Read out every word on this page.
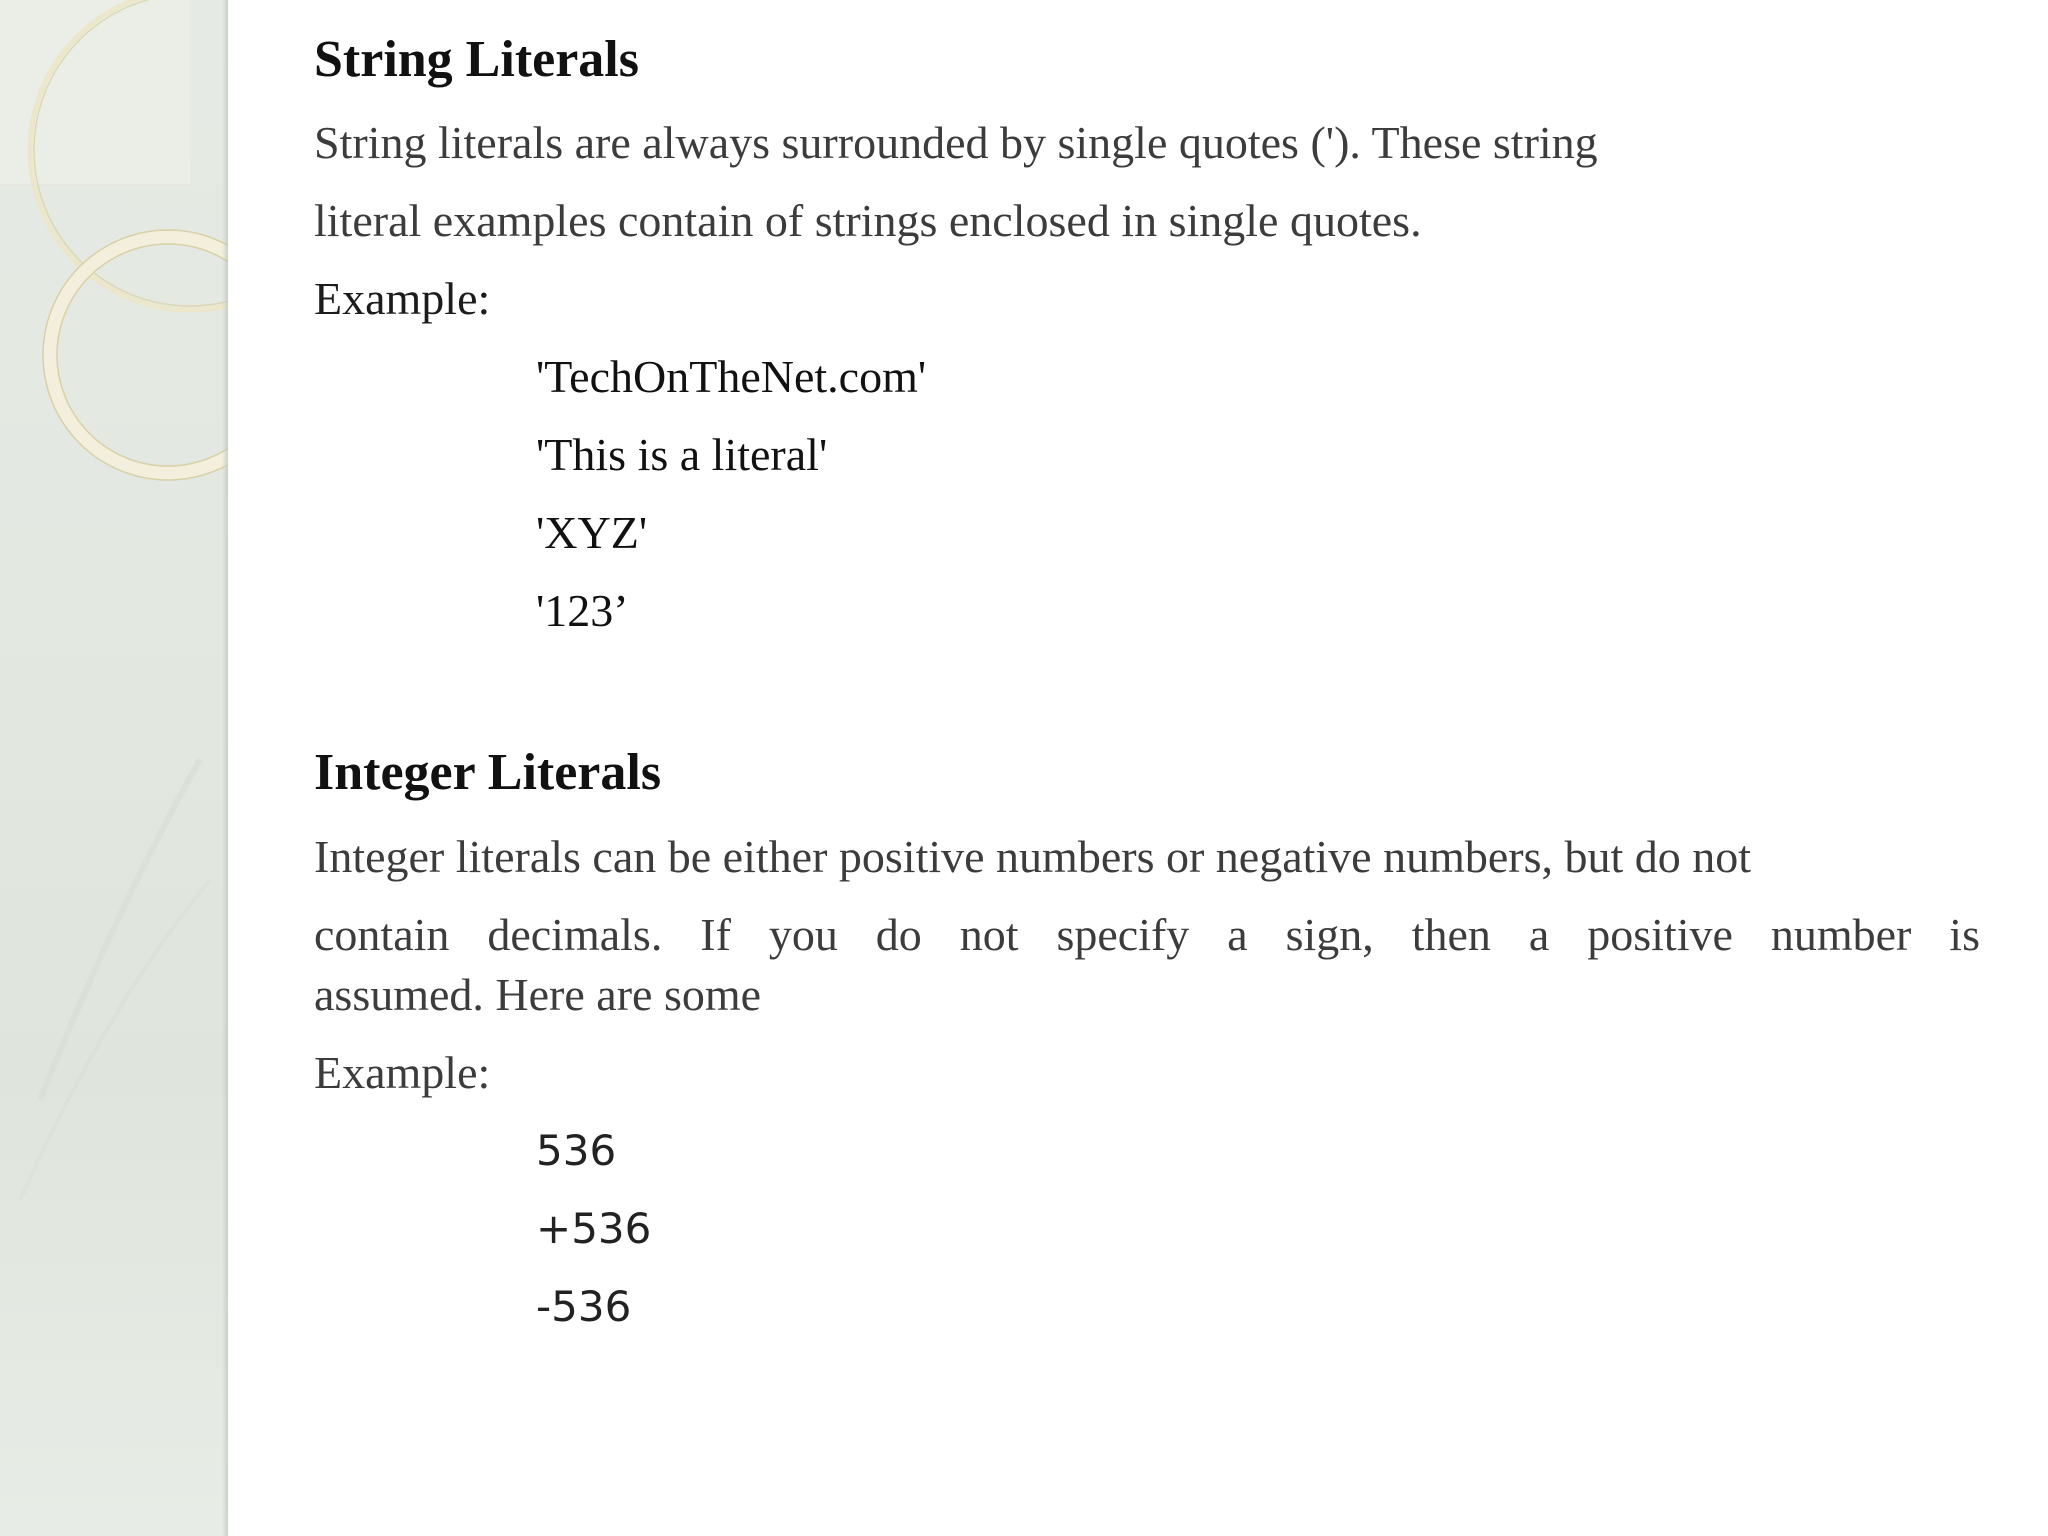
String Literals
String literals are always surrounded by single quotes ('). These string
literal examples contain of strings enclosed in single quotes.
Example:
'TechOnTheNet.com'
'This is a literal'
'XYZ'
'123’
Integer Literals
Integer literals can be either positive numbers or negative numbers, but do not
contain decimals. If you do not specify a sign, then a positive number is
assumed. Here are some
Example:
536
+536
-536
